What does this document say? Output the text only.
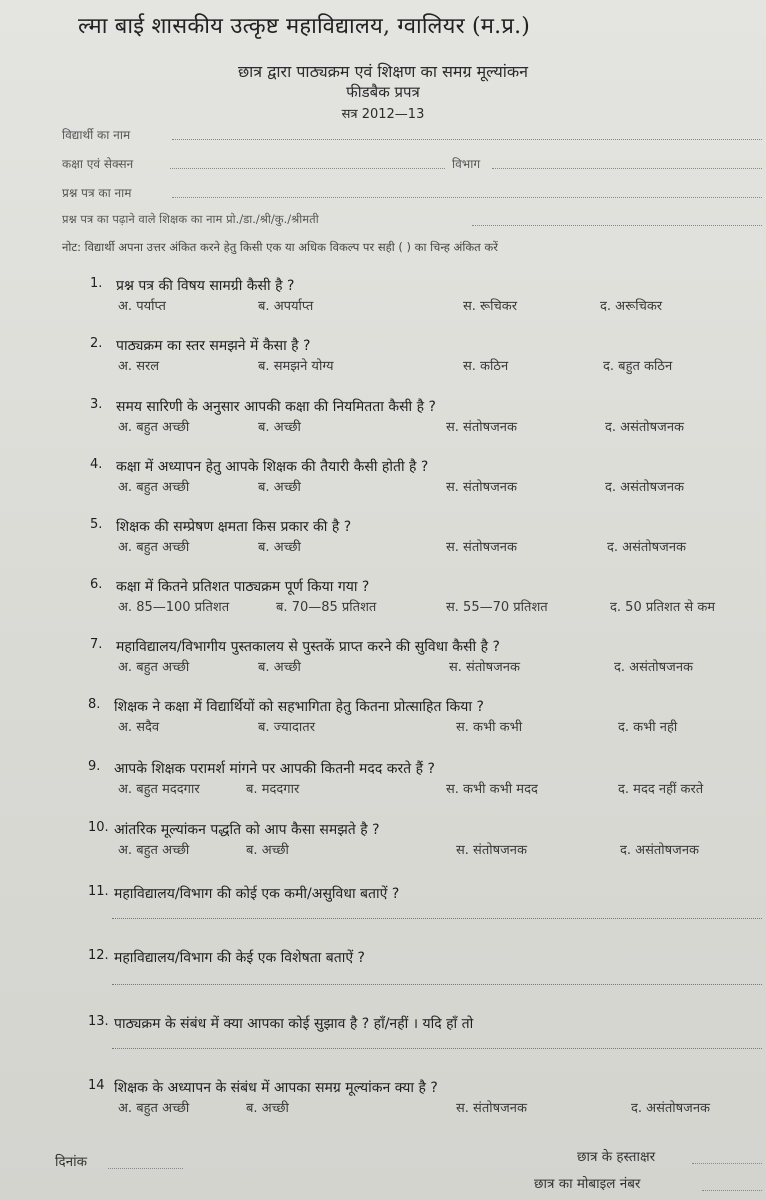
ल्मा बाई शासकीय उत्कृष्ट महाविद्यालय, ग्वालियर (म.प्र.)
छात्र द्वारा पाठ्यक्रम एवं शिक्षण का समग्र मूल्यांकन
फीडबैक प्रपत्र
सत्र 2012—13
विद्यार्थी का नाम
कक्षा एवं सेक्सन	विभाग
प्रश्न पत्र का नाम
प्रश्न पत्र का पढ़ाने वाले शिक्षक का नाम प्रो./डा./श्री/कु./श्रीमती
नोट: विद्यार्थी अपना उत्तर अंकित करने हेतु किसी एक या अधिक विकल्प पर सही ( ) का चिन्ह अंकित करें
1. प्रश्न पत्र की विषय सामग्री कैसी है ?
अ. पर्याप्त	ब. अपर्याप्त	स. रूचिकर	द. अरूचिकर
2. पाठ्यक्रम का स्तर समझने में कैसा है ?
अ. सरल	ब. समझने योग्य	स. कठिन	द. बहुत कठिन
3. समय सारिणी के अनुसार आपकी कक्षा की नियमितता कैसी है ?
अ. बहुत अच्छी	ब. अच्छी	स. संतोषजनक	द. असंतोषजनक
4. कक्षा में अध्यापन हेतु आपके शिक्षक की तैयारी कैसी होती है ?
अ. बहुत अच्छी	ब. अच्छी	स. संतोषजनक	द. असंतोषजनक
5. शिक्षक की सम्प्रेषण क्षमता किस प्रकार की है ?
अ. बहुत अच्छी	ब. अच्छी	स. संतोषजनक	द. असंतोषजनक
6. कक्षा में कितने प्रतिशत पाठ्यक्रम पूर्ण किया गया ?
अ. 85—100 प्रतिशत	ब. 70—85 प्रतिशत	स. 55—70 प्रतिशत	द. 50 प्रतिशत से कम
7. महाविद्यालय/विभागीय पुस्तकालय से पुस्तकें प्राप्त करने की सुविधा कैसी है ?
अ. बहुत अच्छी	ब. अच्छी	स. संतोषजनक	द. असंतोषजनक
8. शिक्षक ने कक्षा में विद्यार्थियों को सहभागिता हेतु कितना प्रोत्साहित किया ?
अ. सदैव	ब. ज्यादातर	स. कभी कभी	द. कभी नही
9. आपके शिक्षक परामर्श मांगने पर आपकी कितनी मदद करते हैं ?
अ. बहुत मददगार	ब. मददगार	स. कभी कभी मदद	द. मदद नहीं करते
10. आंतरिक मूल्यांकन पद्धति को आप कैसा समझते है ?
अ. बहुत अच्छी	ब. अच्छी	स. संतोषजनक	द. असंतोषजनक
11. महाविद्यालय/विभाग की कोई एक कमी/असुविधा बताऐं ?
12. महाविद्यालय/विभाग की केई एक विशेषता बताऐं ?
13. पाठ्यक्रम के संबंध में क्या आपका कोई सुझाव है ? हाँ/नहीं । यदि हाँ तो
14 शिक्षक के अध्यापन के संबंध में आपका समग्र मूल्यांकन क्या है ?
अ. बहुत अच्छी	ब. अच्छी	स. संतोषजनक	द. असंतोषजनक
दिनांक	छात्र के हस्ताक्षर
छात्र का मोबाइल नंबर
